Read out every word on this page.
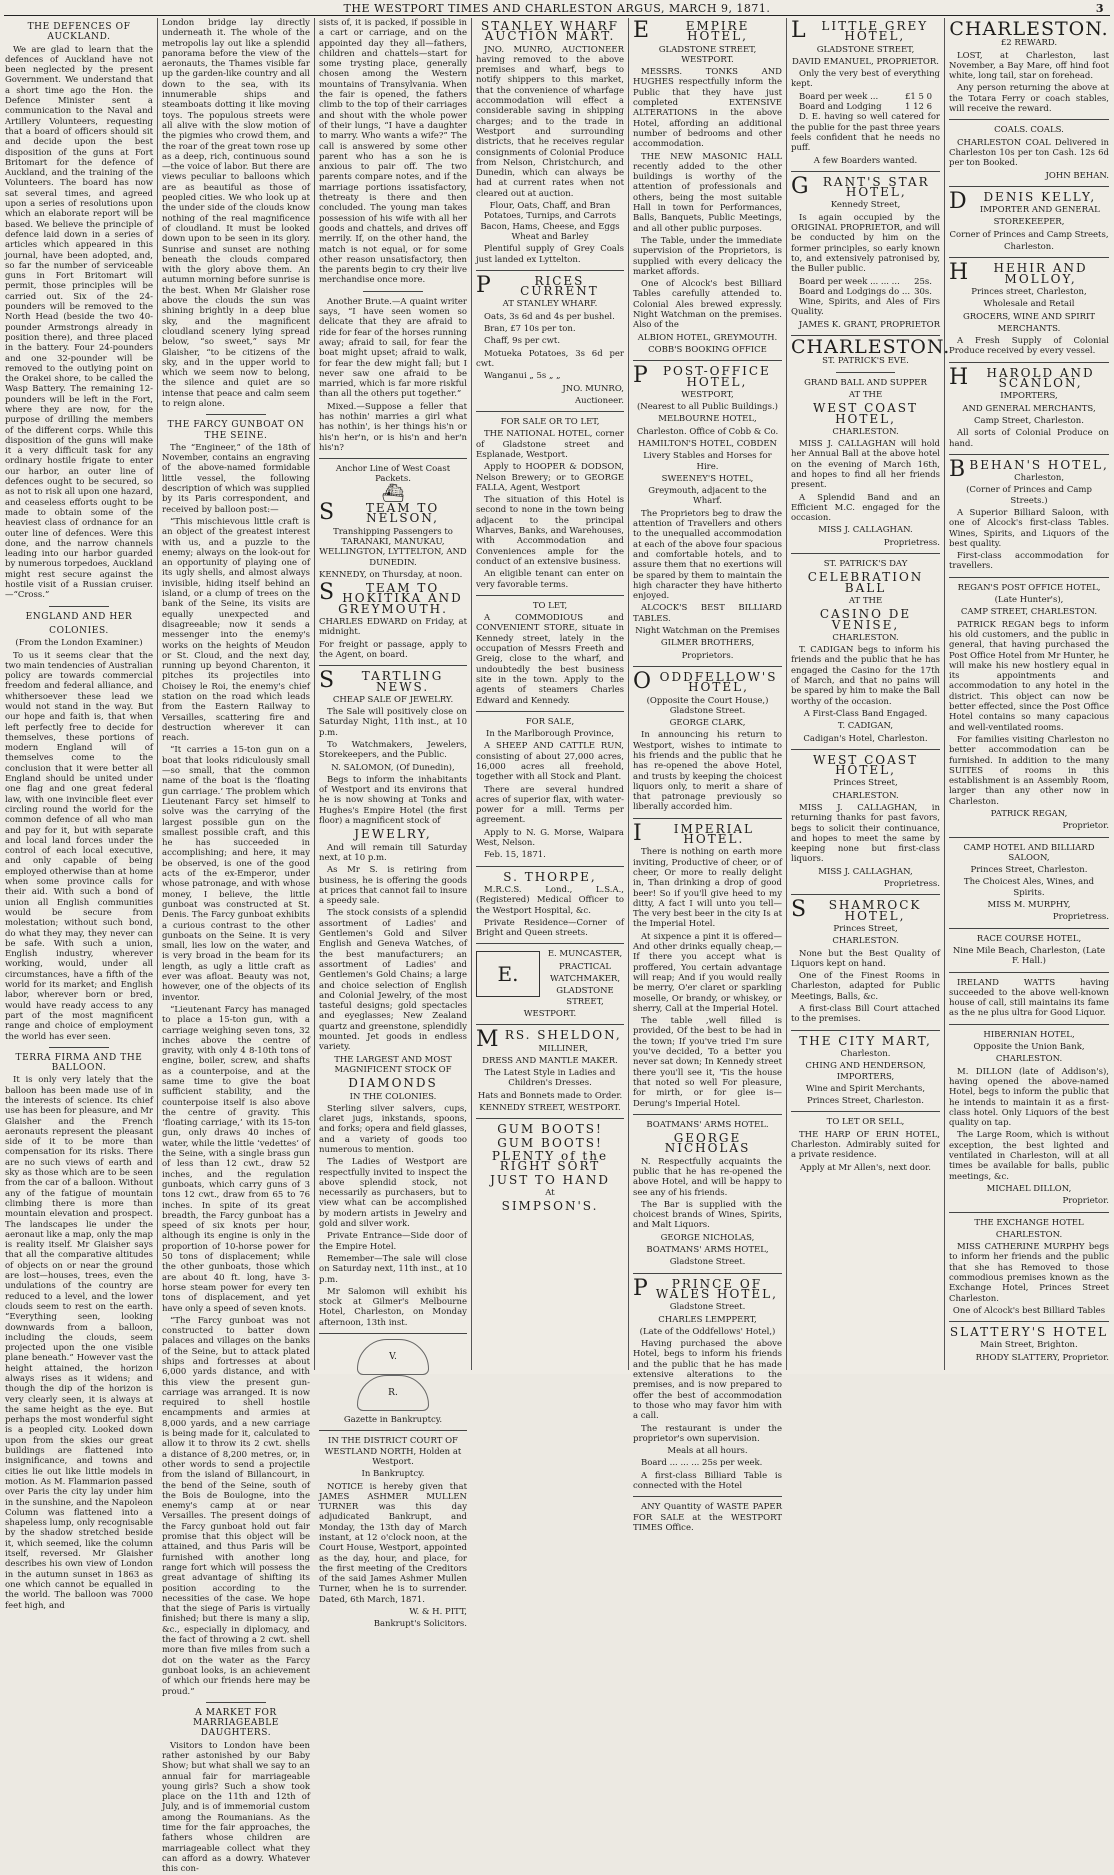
THE WESTPORT TIMES AND CHARLESTON ARGUS, MARCH 9, 1871.	3
THE DEFENCES OF AUCKLAND.

We are glad to learn that the defences of Auckland have not been neglected by the present Government. We understand that a short time ago the Hon. the Defence Minister sent a communication to the Naval and Artillery Volunteers, requesting that a board of officers should sit and decide upon the best disposition of the guns at Fort Britomart for the defence of Auckland, and the training of the Volunteers. The board has now sat several times, and agreed upon a series of resolutions upon which an elaborate report will be based. We believe the principle of defence laid down in a series of articles which appeared in this journal, have been adopted, and, so far the number of serviceable guns in Fort Britomart will permit, those principles will be carried out. Six of the 24-pounders will be removed to the North Head (beside the two 40-pounder Armstrongs already in position there), and three placed in the battery. Four 24-pounders and one 32-pounder will be removed to the outlying point on the Orakei shore, to be called the Wasp Battery. The remaining 12-pounders will be left in the Fort, where they are now, for the purpose of drilling the members of the different corps. While this disposition of the guns will make it a very difficult task for any ordinary hostile frigate to enter our harbor, an outer line of defences ought to be secured, so as not to risk all upon one hazard, and ceaseless efforts ought to be made to obtain some of the heaviest class of ordnance for an outer line of defences. Were this done, and the narrow channels leading into our harbor guarded by numerous torpedoes, Auckland might rest secure against the hostile visit of a Russian cruiser.—“Cross.”

ENGLAND AND HER
COLONIES.

(From the London Examiner.)

To us it seems clear that the two main tendencies of Australian policy are towards commercial freedom and federal alliance, and whithersoever these lead we would not stand in the way. But our hope and faith is, that when left perfectly free to decide for themselves, these portions of modern England will of themselves come to the conclusion that it were better all England should be united under one flag and one great federal law, with one invincible fleet ever circling round the world for the common defence of all who man and pay for it, but with separate and local land forces under the control of each local executive, and only capable of being employed otherwise than at home when some province calls for their aid. With such a bond of union all English communities would be secure from molestation; without such bond, do what they may, they never can be safe. With such a union, English industry, wherever working, would, under all circumstances, have a fifth of the world for its market; and English labor, wherever born or bred, would have ready access to any part of the most magnificent range and choice of employment the world has ever seen.

TERRA FIRMA AND THE BALLOON.

It is only very lately that the balloon has been made use of in the interests of science. Its chief use has been for pleasure, and Mr Glaisher and the French aeronauts represent the pleasant side of it to be more than compensation for its risks. There are no such views of earth and sky as those which are to be seen from the car of a balloon. Without any of the fatigue of mountain climbing there is more than mountain elevation and prospect. The landscapes lie under the aeronaut like a map, only the map is reality itself. Mr Glaisher says that all the comparative altitudes of objects on or near the ground are lost—houses, trees, even the undulations of the country are reduced to a level, and the lower clouds seem to rest on the earth. “Everything seen, looking downwards from a balloon, including the clouds, seem projected upon the one visible plane beneath.” However vast the height attained, the horizon always rises as it widens; and though the dip of the horizon is very clearly seen, it is always at the same height as the eye. But perhaps the most wonderful sight is a peopled city. Looked down upon from the skies our great buildings are flattened into insignificance, and towns and cities lie out like little models in motion. As M. Flammarion passed over Paris the city lay under him in the sunshine, and the Napoleon Column was flattened into a shapeless lump, only recognisable by the shadow stretched beside it, which seemed, like the column itself, reversed. Mr Glaisher describes his own view of London in the autumn sunset in 1863 as one which cannot be equalled in the world. The balloon was 7000 feet high, and

London bridge lay directly underneath it. The whole of the metropolis lay out like a splendid panorama before the view of the aeronauts, the Thames visible far up the garden-like country and all down to the sea, with its innumerable ships and steamboats dotting it like moving toys. The populous streets were all alive with the slow motion of the pigmies who crowd them, and the roar of the great town rose up as a deep, rich, continuous sound—the voice of labor. But there are views peculiar to balloons which are as beautiful as those of peopled cities. We who look up at the under side of the clouds know nothing of the real magnificence of cloudland. It must be looked down upon to be seen in its glory. Sunrise and sunset are nothing beneath the clouds compared with the glory above them. An autumn morning before sunrise is the best. When Mr Glaisher rose above the clouds the sun was shining brightly in a deep blue sky, and the magnificent cloudland scenery lying spread below, “so sweet,” says Mr Glaisher, “to be citizens of the sky, and in the upper world to which we seem now to belong, the silence and quiet are so intense that peace and calm seem to reign alone.

THE FARCY GUNBOAT ON THE SEINE.

The “Engineer,” of the 18th of November, contains an engraving of the above-named formidable little vessel, the following description of which was supplied by its Paris correspondent, and received by balloon post:—

“This mischievous little craft is an object of the greatest interest with us, and a puzzle to the enemy; always on the look-out for an opportunity of playing one of its ugly shells, and almost always invisible, hiding itself behind an island, or a clump of trees on the bank of the Seine, its visits are equally unexpected and disagreeable; now it sends a messenger into the enemy's works on the heights of Meudon or St. Cloud, and the next day, running up beyond Charenton, it pitches its projectiles into Choisey le Roi, the enemy's chief station on the road which leads from the Eastern Railway to Versailles, scattering fire and destruction wherever it can reach.

“It carries a 15-ton gun on a boat that looks ridiculously small—so small, that the common name of the boat is the ‘floating gun carriage.’ The problem which Lieutenant Farcy set himself to solve was the carrying of the largest possible gun on the smallest possible craft, and this he has succeeded in accomplishing; and here, it may be observed, is one of the good acts of the ex-Emperor, under whose patronage, and with whose money, I believe, the little gunboat was constructed at St. Denis. The Farcy gunboat exhibits a curious contrast to the other gunboats on the Seine. It is very small, lies low on the water, and is very broad in the beam for its length, as ugly a little craft as ever was afloat. Beauty was not, however, one of the objects of its inventor.

“Lieutenant Farcy has managed to place a 15-ton gun, with a carriage weighing seven tons, 32 inches above the centre of gravity, with only 4 8-10th tons of engine, boiler, screw, and shafts as a counterpoise, and at the same time to give the boat sufficient stability, and the counterpoise itself is also above the centre of gravity. This ‘floating carriage,’ with its 15-ton gun, only draws 40 inches of water, while the little ‘vedettes’ of the Seine, with a single brass gun of less than 12 cwt., draw 52 inches, and the regulation gunboats, which carry guns of 3 tons 12 cwt., draw from 65 to 76 inches. In spite of its great breadth, the Farcy gunboat has a speed of six knots per hour, although its engine is only in the proportion of 10-horse power for 50 tons of displacement; while the other gunboats, those which are about 40 ft. long, have 3-horse steam power for every ten tons of displacement, and yet have only a speed of seven knots.

“The Farcy gunboat was not constructed to batter down palaces and villages on the banks of the Seine, but to attack plated ships and fortresses at about 6,000 yards distance, and with this view the present gun-carriage was arranged. It is now required to shell hostile encampments and armies at 8,000 yards, and a new carriage is being made for it, calculated to allow it to throw its 2 cwt. shells a distance of 8,200 metres, or, in other words to send a projectile from the island of Billancourt, in the bend of the Seine, south of the Bois de Boulogne, into the enemy's camp at or near Versailles. The present doings of the Farcy gunboat hold out fair promise that this object will be attained, and thus Paris will be furnished with another long range fort which will possess the great advantage of shifting its position according to the necessities of the case. We hope that the siege of Paris is virtually finished; but there is many a slip, &c., especially in diplomacy, and the fact of throwing a 2 cwt. shell more than five miles from such a dot on the water as the Farcy gunboat looks, is an achievement of which our friends here may be proud.”

A MARKET FOR MARRIAGEABLE DAUGHTERS.

Visitors to London have been rather astonished by our Baby Show; but what shall we say to an annual fair for marriageable young girls? Such a show took place on the 11th and 12th of July, and is of immemorial custom among the Roumanians. As the time for the fair approaches, the fathers whose children are marriageable collect what they can afford as a dowry. Whatever this con-

sists of, it is packed, if possible in a cart or carriage, and on the appointed day they all—fathers, children and chattels—start for some trysting place, generally chosen among the Western mountains of Transylvania. When the fair is opened, the fathers climb to the top of their carriages and shout with the whole power of their lungs, “I have a daughter to marry. Who wants a wife?” The call is answered by some other parent who has a son he is anxious to pair off. The two parents compare notes, and if the marriage portions issatisfactory, thetreaty is there and then concluded. The young man takes possession of his wife with all her goods and chattels, and drives off merrily. If, on the other hand, the match is not equal, or for some other reason unsatisfactory, then the parents begin to cry their live merchandise once more.

Another Brute.—A quaint writer says, “I have seen women so delicate that they are afraid to ride for fear of the horses running away; afraid to sail, for fear the boat might upset; afraid to walk, for fear the dew might fall; but I never saw one afraid to be married, which is far more riskful than all the others put together.”

Mixed.—Suppose a feller that has nothin' marries a girl what has nothin', is her things his'n or his'n her'n, or is his'n and her'n his'n?

Anchor Line of West Coast Packets.

⛴
S TEAM TO NELSON,

Transhipping Passengers to TARANAKI, MANUKAU, WELLINGTON, LYTTELTON, AND DUNEDIN.

KENNEDY, on Thursday, at noon.

S TEAM TO HOKITIKA AND GREYMOUTH.

CHARLES EDWARD on Friday, at midnight.

For freight or passage, apply to the Agent, on board.

S TARTLING NEWS.

CHEAP SALE OF JEWELRY.

The Sale will positively close on Saturday Night, 11th inst., at 10 p.m.

To Watchmakers, Jewelers, Storekeepers, and the Public.

N. SALOMON, (Of Dunedin),

Begs to inform the inhabitants of Westport and its environs that he is now showing at Tonks and Hughes's Empire Hotel (the first floor) a magnificent stock of

JEWELRY,

And will remain till Saturday next, at 10 p.m.

As Mr S. is retiring from business, he is offering the goods at prices that cannot fail to insure a speedy sale.

The stock consists of a splendid assortment of Ladies' and Gentlemen's Gold and Silver English and Geneva Watches, of the best manufacturers; an assortment of Ladies' and Gentlemen's Gold Chains; a large and choice selection of English and Colonial Jewelry, of the most tasteful designs; gold spectacles and eyeglasses; New Zealand quartz and greenstone, splendidly mounted. Jet goods in endless variety.

THE LARGEST AND MOST MAGNIFICENT STOCK OF

DIAMONDS

IN THE COLONIES.

Sterling silver salvers, cups, claret jugs, inkstands, spoons, and forks; opera and field glasses, and a variety of goods too numerous to mention.

The Ladies of Westport are respectfully invited to inspect the above splendid stock, not necessarily as purchasers, but to view what can be accomplished by modern artists in Jewelry and gold and silver work.

Private Entrance—Side door of the Empire Hotel.

Remember—The sale will close on Saturday next, 11th inst., at 10 p.m.

Mr Salomon will exhibit his stock at Gilmer's Melbourne Hotel, Charleston, on Monday afternoon, 13th inst.

V.R.

Gazette in Bankruptcy.

IN THE DISTRICT COURT OF WESTLAND NORTH, Holden at Westport.

In Bankruptcy.

NOTICE is hereby given that JAMES ASHMER MULLEN TURNER was this day adjudicated Bankrupt, and Monday, the 13th day of March instant, at 12 o'clock noon, at the Court House, Westport, appointed as the day, hour, and place, for the first meeting of the Creditors of the said James Ashmer Mullen Turner, when he is to surrender. Dated, 6th March, 1871.

W. & H. PITT,

Bankrupt's Solicitors.

STANLEY WHARF AUCTION MART.

JNO. MUNRO, AUCTIONEER having removed to the above premises and wharf, begs to notify shippers to this market, that the convenience of wharfage accommodation will effect a considerable saving in shipping charges; and to the trade in Westport and surrounding districts, that he receives regular consignments of Colonial Produce from Nelson, Christchurch, and Dunedin, which can always be had at current rates when not cleared out at auction.

Flour, Oats, Chaff, and Bran Potatoes, Turnips, and Carrots Bacon, Hams, Cheese, and Eggs Wheat and Barley

Plentiful supply of Grey Coals just landed ex Lyttelton.

P	RICES CURRENT

AT STANLEY WHARF.

Oats, 3s 6d and 4s per bushel.

Bran, £7 10s per ton.

Chaff, 9s per cwt.

Motueka Potatoes, 3s 6d per cwt.

Wanganui „ 5s „ „

JNO. MUNRO,

Auctioneer.

FOR SALE OR TO LET,

THE NATIONAL HOTEL, corner of Gladstone street and Esplanade, Westport.

Apply to HOOPER & DODSON, Nelson Brewery; or to GEORGE FALLA, Agent, Westport

The situation of this Hotel is second to none in the town being adjacent to the principal Wharves, Banks, and Warehouses, with Accommodation and Conveniences ample for the conduct of an extensive business.

An eligible tenant can enter on very favorable terms.

TO LET,

A COMMODIOUS and CONVENIENT STORE, situate in Kennedy street, lately in the occupation of Messrs Freeth and Greig, close to the wharf, and undoubtedly the best business site in the town. Apply to the agents of steamers Charles Edward and Kennedy.

FOR SALE,

In the Marlborough Province,

A SHEEP AND CATTLE RUN, consisting of about 27,000 acres, 16,000 acres all freehold, together with all Stock and Plant.

There are several hundred acres of superior flax, with water-power for a mill. Terms per agreement.

Apply to N. G. Morse, Waipara West, Nelson.

Feb. 15, 1871.

S. THORPE,

M.R.C.S. Lond., L.S.A., (Registered) Medical Officer to the Westport Hospital, &c.

Private Residence—Corner of Bright and Queen streets.

E.

E. MUNCASTER,

PRACTICAL

WATCHMAKER,

GLADSTONE STREET,

WESTPORT.

MRS. SHELDON,

MILLINER,

DRESS AND MANTLE MAKER.

The Latest Style in Ladies and Children's Dresses.

Hats and Bonnets made to Order.

KENNEDY STREET, WESTPORT.

GUM BOOTS!
GUM BOOTS!
PLENTY of the RIGHT SORT
JUST TO HAND

At

SIMPSON'S.
E	EMPIRE HOTEL,

GLADSTONE STREET, WESTPORT.

MESSRS. TONKS AND HUGHES respectfully inform the Public that they have just completed EXTENSIVE ALTERATIONS in the above Hotel, affording an additional number of bedrooms and other accommodation.

THE NEW MASONIC HALL recently added to the other buildings is worthy of the attention of professionals and others, being the most suitable Hall in town for Performances, Balls, Banquets, Public Meetings, and all other public purposes.

The Table, under the immediate supervision of the Proprietors, is supplied with every delicacy the market affords.

One of Alcock's best Billiard Tables carefully attended to. Colonial Ales brewed expressly. Night Watchman on the premises. Also of the

ALBION HOTEL, GREYMOUTH.

COBB'S BOOKING OFFICE

P POST-OFFICE HOTEL,

WESTPORT,

(Nearest to all Public Buildings.)

MELBOURNE HOTEL,

Charleston. Office of Cobb & Co.

HAMILTON'S HOTEL, COBDEN

Livery Stables and Horses for Hire.

SWEENEY'S HOTEL,

Greymouth, adjacent to the Wharf.

The Proprietors beg to draw the attention of Travellers and others to the unequalled accommodation at each of the above four spacious and comfortable hotels, and to assure them that no exertions will be spared by them to maintain the high character they have hitherto enjoyed.

ALCOCK'S BEST BILLIARD TABLES.

Night Watchman on the Premises

GILMER BROTHERS,

Proprietors.

OODDFELLOW'S HOTEL,

(Opposite the Court House,) Gladstone Street.

GEORGE CLARK,

In announcing his return to Westport, wishes to intimate to his friends and the public that he has re-opened the above Hotel, and trusts by keeping the choicest liquors only, to merit a share of that patronage previously so liberally accorded him.

I	IMPERIAL HOTEL.

There is nothing on earth more inviting, Productive of cheer, or of cheer, Or more to really delight in, Than drinking a drop of good beer! So if you'll give heed to my ditty, A fact I will unto you tell— The very best beer in the city Is at the Imperial Hotel.

At sixpence a pint it is offered— And other drinks equally cheap,— If there you accept what is proffered, You certain advantage will reap; And if you would really be merry, O'er claret or sparkling moselle, Or brandy, or whiskey, or sherry, Call at the Imperial Hotel.

The table ,well filled is provided, Of the best to be had in the town; If you've tried I'm sure you've decided, To a better you never sat down; In Kennedy street there you'll see it, 'Tis the house that noted so well For pleasure, for mirth, or for glee is— Derung's Imperial Hotel.

BOATMANS' ARMS HOTEL.

GEORGE NICHOLAS

N. Respectfully acquaints the public that he has re-opened the above Hotel, and will be happy to see any of his friends.

The Bar is supplied with the choicest brands of Wines, Spirits, and Malt Liquors.

GEORGE NICHOLAS,

BOATMANS' ARMS HOTEL,

Gladstone Street.

P PRINCE OF WALES HOTEL,

Gladstone Street.

CHARLES LEMPPERT,

(Late of the Oddfellows' Hotel,)

Having purchased the above Hotel, begs to inform his friends and the public that he has made extensive alterations to the premises, and is now prepared to offer the best of accommodation to those who may favor him with a call.

The restaurant is under the proprietor's own supervision.

Meals at all hours.

Board ... ... ... 25s per week.

A first-class Billiard Table is connected with the Hotel

ANY Quantity of WASTE PAPER FOR SALE at the WESTPORT TIMES Office.

L LITTLE GREY HOTEL,

GLADSTONE STREET,

DAVID EMANUEL, PROPRIETOR.

Only the very best of everything kept.

Board per week ...	£1 5 0
Board and Lodging	1 12 6

D. E. having so well catered for the publie for the past three years feels confident that he needs no puff.

A few Boarders wanted.

G RANT'S STAR HOTEL,

Kennedy Street,

Is again occupied by the ORIGINAL PROPRIETOR, and will be conducted by him on the former principles, so early known to, and extensively patronised by, the Buller public.

Board per week ... ... ... 25s.
Board and Lodgings do ... 30s.

Wine, Spirits, and Ales of Firs Quality.

JAMES K. GRANT, PROPRIETOR

CHARLESTON.

ST. PATRICK'S EVE.

GRAND BALL AND SUPPER

AT THE

WEST COAST HOTEL,

CHARLESTON.

MISS J. CALLAGHAN will hold her Annual Ball at the above hotel on the evening of March 16th, and hopes to find all her friends present.

A Splendid Band and an Efficient M.C. engaged for the occasion.

MISS J. CALLAGHAN.

Proprietress.

ST. PATRICK'S DAY

CELEBRATION BALL

AT THE

CASINO DE VENISE,

CHARLESTON.

T. CADIGAN begs to inform his friends and the public that he has engaged the Casino for the 17th of March, and that no pains will be spared by him to make the Ball worthy of the occasion.

A First-Class Band Engaged.

T. CADIGAN,

Cadigan's Hotel, Charleston.

WEST COAST HOTEL,

Princes Street,

CHARLESTON.

MISS J. CALLAGHAN, in returning thanks for past favors, begs to solicit their continuance, and hopes to meet the same by keeping none but first-class liquors.

MISS J. CALLAGHAN,

Proprietress.

S SHAMROCK HOTEL,

Princes Street,

CHARLESTON.

None but the Best Quality of Liquors kept on hand.

One of the Finest Rooms in Charleston, adapted for Public Meetings, Balls, &c.

A first-class Bill Court attached to the premises.

THE CITY MART,

Charleston.

CHING AND HENDERSON, IMPORTERS,

Wine and Spirit Merchants,

Princes Street, Charleston.

TO LET OR SELL,

THE HARP OF ERIN HOTEL, Charleston. Admirably suited for a private residence.

Apply at Mr Allen's, next door.

CHARLESTON.

£2 REWARD.

LOST, at Charleston, last November, a Bay Mare, off hind foot white, long tail, star on forehead.

Any person returning the above at the Totara Ferry or coach stables, will receive the reward.

COALS. COALS.

CHARLESTON COAL Delivered in Charleston 10s per ton Cash. 12s 6d per ton Booked.

JOHN BEHAN.

D DENIS KELLY,

IMPORTER AND GENERAL

STOREKEEPER,

Corner of Princes and Camp Streets,

Charleston.

H HEHIR AND MOLLOY,

Princes street, Charleston,

Wholesale and Retail

GROCERS, WINE AND SPIRIT

MERCHANTS.

A Fresh Supply of Colonial Produce received by every vessel.

H HAROLD AND SCANLON,

IMPORTERS,

AND GENERAL MERCHANTS,

Camp Street, Charleston.

All sorts of Colonial Produce on hand.

BBEHAN'S HOTEL,

Charleston,

(Corner of Princes and Camp Streets.)

A Superior Billiard Saloon, with one of Alcock's first-class Tables. Wines, Spirits, and Liquors of the best quality.

First-class accommodation for travellers.

REGAN'S POST OFFICE HOTEL,

(Late Hunter's),

CAMP STREET, CHARLESTON.

PATRICK REGAN begs to inform his old customers, and the public in general, that having purchased the Post Office Hotel from Mr Hunter, he will make his new hostlery equal in its appointments and accommodation to any hotel in the district. This object can now be better effected, since the Post Office Hotel contains so many capacious and well-ventilated rooms.

For families visiting Charleston no better accommodation can be furnished. In addition to the many SUITES of rooms in this establishment is an Assembly Room, larger than any other now in Charleston.

PATRICK REGAN,

Proprietor.

CAMP HOTEL AND BILLIARD SALOON,

Princes Street, Charleston.

The Choicest Ales, Wines, and Spirits.

MISS M. MURPHY,

Proprietress.

RACE COURSE HOTEL,

Nine Mile Beach, Charleston, (Late F. Hall.)

IRELAND WATTS having succeeded to the above well-known house of call, still maintains its fame as the ne plus ultra for Good Liquor.

HIBERNIAN HOTEL,

Opposite the Union Bank,

CHARLESTON.

M. DILLON (late of Addison's), having opened the above-named Hotel, begs to inform the public that he intends to maintain it as a first-class hotel. Only Liquors of the best quality on tap.

The Large Room, which is without exception, the best lighted and ventilated in Charleston, will at all times be available for balls, public meetings, &c.

MICHAEL DILLON,

Proprietor.

THE EXCHANGE HOTEL

CHARLESTON.

MISS CATHERINE MURPHY begs to inform her friends and the public that she has Removed to those commodious premises known as the Exchange Hotel, Princes Street Charleston.

One of Alcock's best Billiard Tables

SLATTERY'S HOTEL

Main Street, Brighton.

RHODY SLATTERY, Proprietor.
